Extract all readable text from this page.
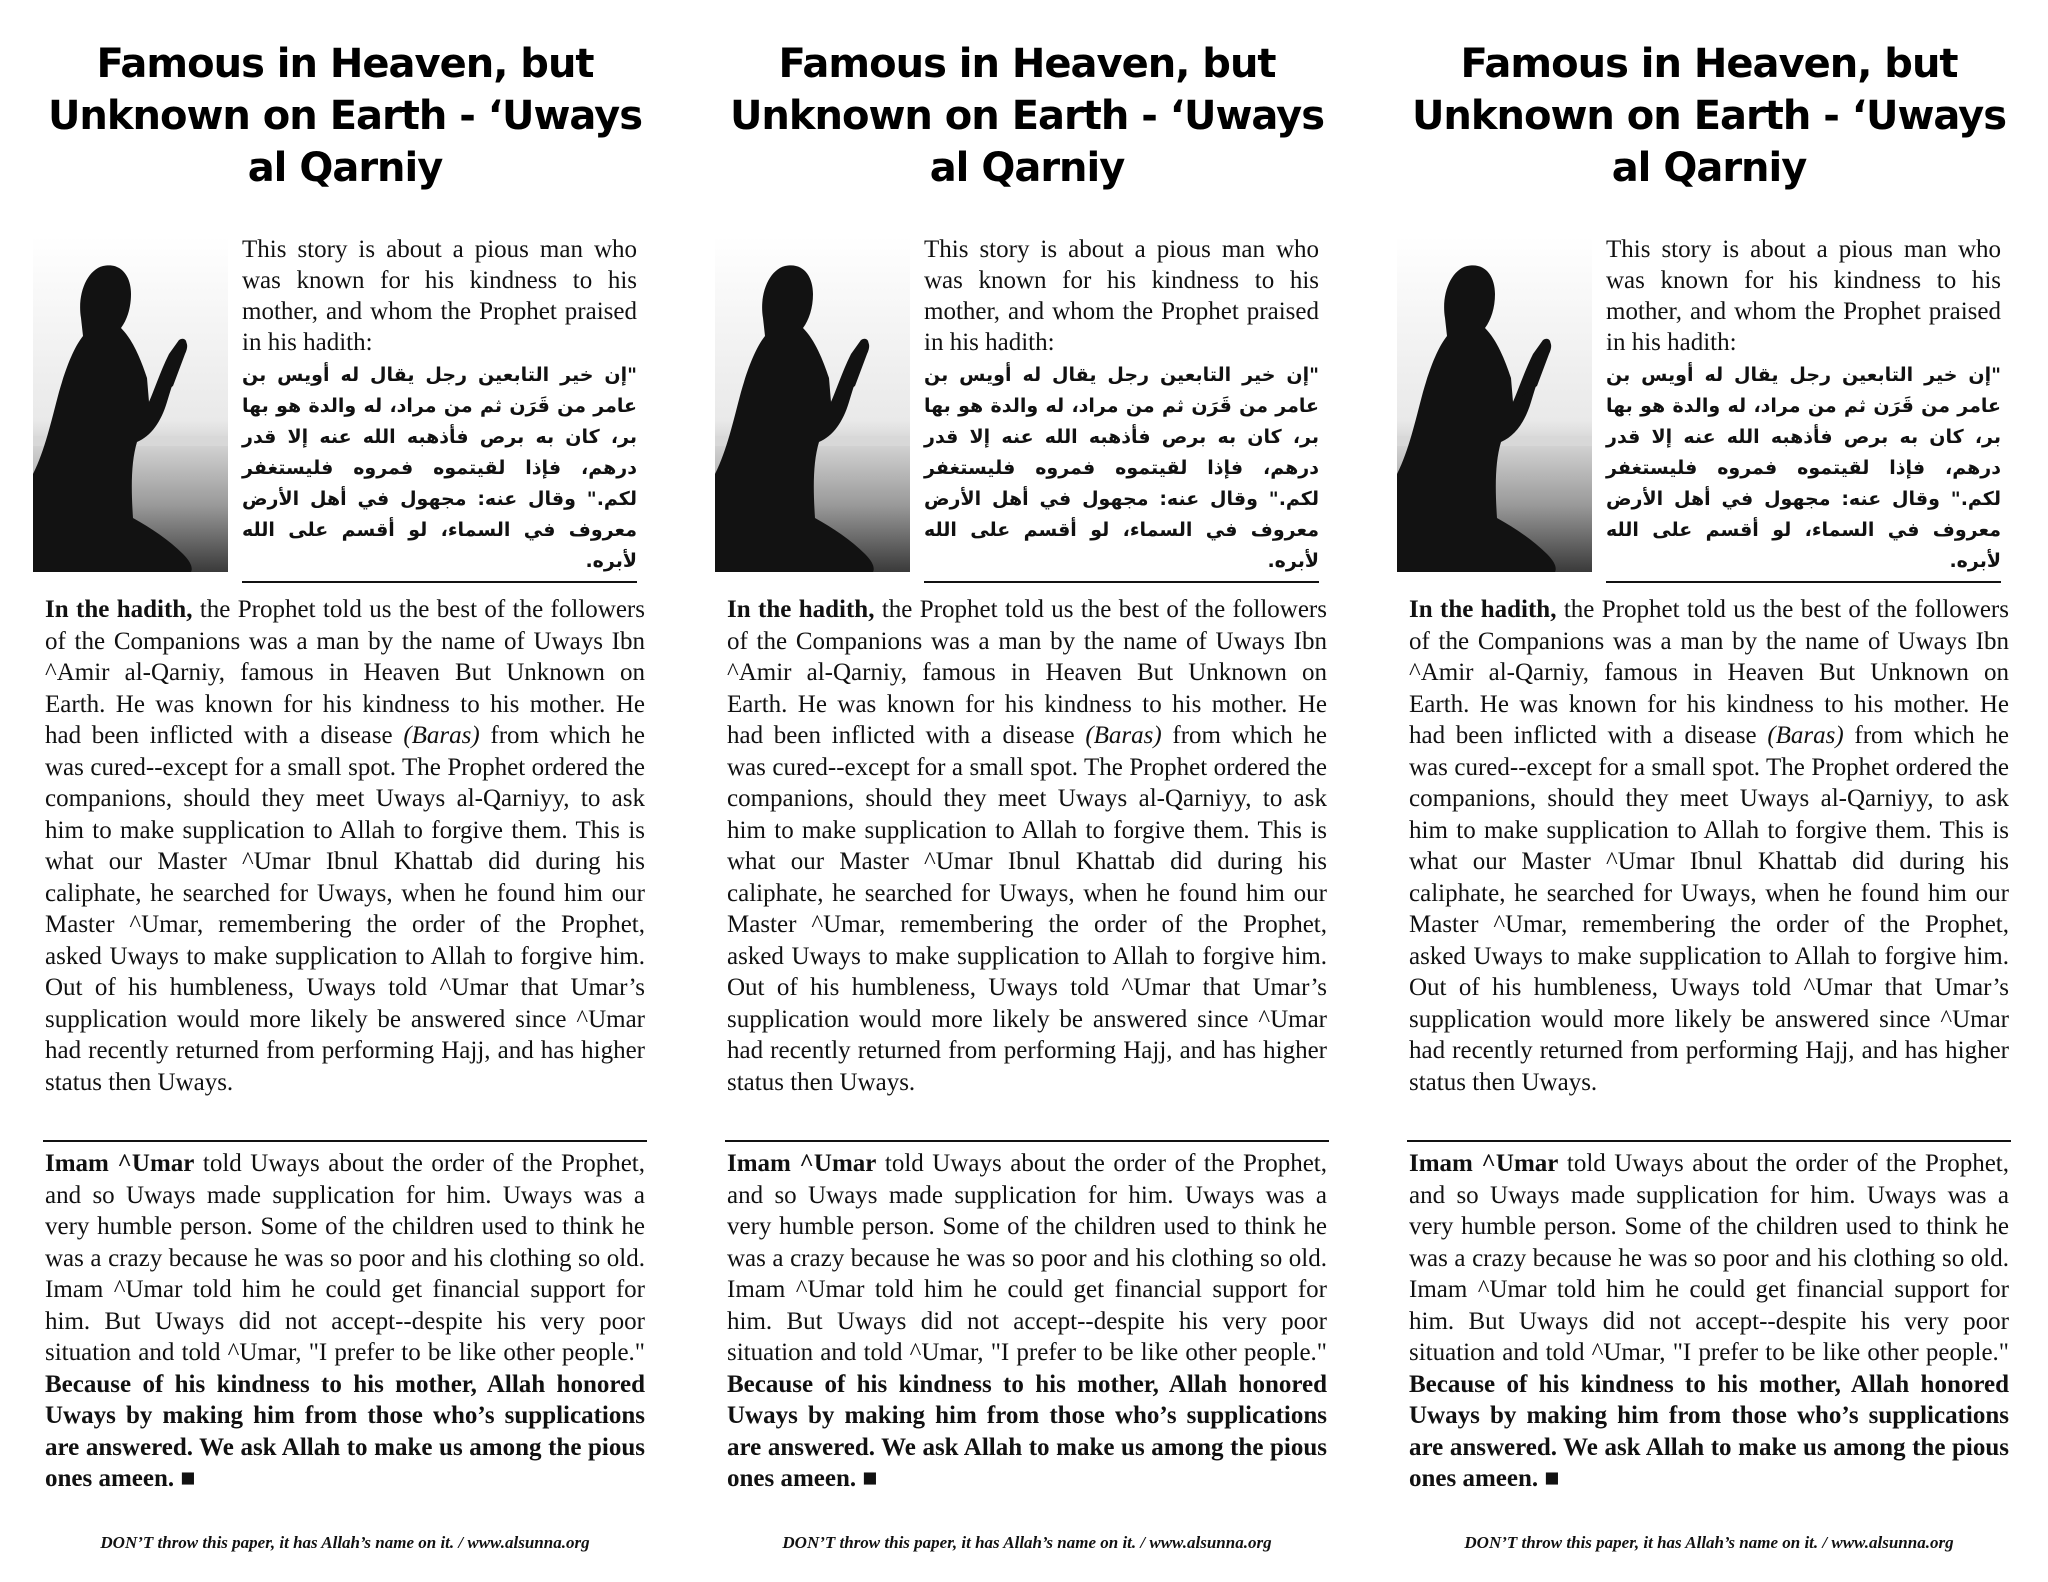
Famous in Heaven, but Unknown on Earth - ‘Uways al Qarniy

This story is about a pious man who was known for his kindness to his mother, and whom the Prophet praised in his hadith:

"إن خير التابعين رجل يقال له أويس بن عامر من قَرَن ثم من مراد، له والدة هو بها بر، كان به برص فأذهبه الله عنه إلا قدر درهم، فإذا لقيتموه فمروه فليستغفر لكم." وقال عنه: مجهول في أهل الأرض معروف في السماء، لو أقسم على الله لأبره.

In the hadith, the Prophet told us the best of the followers of the Companions was a man by the name of Uways Ibn ^Amir al-Qarniy, famous in Heaven But Unknown on Earth. He was known for his kindness to his mother. He had been inflicted with a disease (Baras) from which he was cured--except for a small spot. The Prophet ordered the companions, should they meet Uways al-Qarniyy, to ask him to make supplication to Allah to forgive them. This is what our Master ^Umar Ibnul Khattab did during his caliphate, he searched for Uways, when he found him our Master ^Umar, remembering the order of the Prophet, asked Uways to make supplication to Allah to forgive him. Out of his humbleness, Uways told ^Umar that Umar’s supplication would more likely be answered since ^Umar had recently returned from performing Hajj, and has higher status then Uways.

Imam ^Umar told Uways about the order of the Prophet, and so Uways made supplication for him. Uways was a very humble person. Some of the children used to think he was a crazy because he was so poor and his clothing so old. Imam ^Umar told him he could get financial support for him. But Uways did not accept--despite his very poor situation and told ^Umar, "I prefer to be like other people." Because of his kindness to his mother, Allah honored Uways by making him from those who’s supplications are answered. We ask Allah to make us among the pious ones ameen. ■

DON’T throw this paper, it has Allah’s name on it. / www.alsunna.org

Famous in Heaven, but Unknown on Earth - ‘Uways al Qarniy

This story is about a pious man who was known for his kindness to his mother, and whom the Prophet praised in his hadith:

"إن خير التابعين رجل يقال له أويس بن عامر من قَرَن ثم من مراد، له والدة هو بها بر، كان به برص فأذهبه الله عنه إلا قدر درهم، فإذا لقيتموه فمروه فليستغفر لكم." وقال عنه: مجهول في أهل الأرض معروف في السماء، لو أقسم على الله لأبره.

In the hadith, the Prophet told us the best of the followers of the Companions was a man by the name of Uways Ibn ^Amir al-Qarniy, famous in Heaven But Unknown on Earth. He was known for his kindness to his mother. He had been inflicted with a disease (Baras) from which he was cured--except for a small spot. The Prophet ordered the companions, should they meet Uways al-Qarniyy, to ask him to make supplication to Allah to forgive them. This is what our Master ^Umar Ibnul Khattab did during his caliphate, he searched for Uways, when he found him our Master ^Umar, remembering the order of the Prophet, asked Uways to make supplication to Allah to forgive him. Out of his humbleness, Uways told ^Umar that Umar’s supplication would more likely be answered since ^Umar had recently returned from performing Hajj, and has higher status then Uways.

Imam ^Umar told Uways about the order of the Prophet, and so Uways made supplication for him. Uways was a very humble person. Some of the children used to think he was a crazy because he was so poor and his clothing so old. Imam ^Umar told him he could get financial support for him. But Uways did not accept--despite his very poor situation and told ^Umar, "I prefer to be like other people." Because of his kindness to his mother, Allah honored Uways by making him from those who’s supplications are answered. We ask Allah to make us among the pious ones ameen. ■

DON’T throw this paper, it has Allah’s name on it. / www.alsunna.org

Famous in Heaven, but Unknown on Earth - ‘Uways al Qarniy

This story is about a pious man who was known for his kindness to his mother, and whom the Prophet praised in his hadith:

"إن خير التابعين رجل يقال له أويس بن عامر من قَرَن ثم من مراد، له والدة هو بها بر، كان به برص فأذهبه الله عنه إلا قدر درهم، فإذا لقيتموه فمروه فليستغفر لكم." وقال عنه: مجهول في أهل الأرض معروف في السماء، لو أقسم على الله لأبره.

In the hadith, the Prophet told us the best of the followers of the Companions was a man by the name of Uways Ibn ^Amir al-Qarniy, famous in Heaven But Unknown on Earth. He was known for his kindness to his mother. He had been inflicted with a disease (Baras) from which he was cured--except for a small spot. The Prophet ordered the companions, should they meet Uways al-Qarniyy, to ask him to make supplication to Allah to forgive them. This is what our Master ^Umar Ibnul Khattab did during his caliphate, he searched for Uways, when he found him our Master ^Umar, remembering the order of the Prophet, asked Uways to make supplication to Allah to forgive him. Out of his humbleness, Uways told ^Umar that Umar’s supplication would more likely be answered since ^Umar had recently returned from performing Hajj, and has higher status then Uways.

Imam ^Umar told Uways about the order of the Prophet, and so Uways made supplication for him. Uways was a very humble person. Some of the children used to think he was a crazy because he was so poor and his clothing so old. Imam ^Umar told him he could get financial support for him. But Uways did not accept--despite his very poor situation and told ^Umar, "I prefer to be like other people." Because of his kindness to his mother, Allah honored Uways by making him from those who’s supplications are answered. We ask Allah to make us among the pious ones ameen. ■

DON’T throw this paper, it has Allah’s name on it. / www.alsunna.org
